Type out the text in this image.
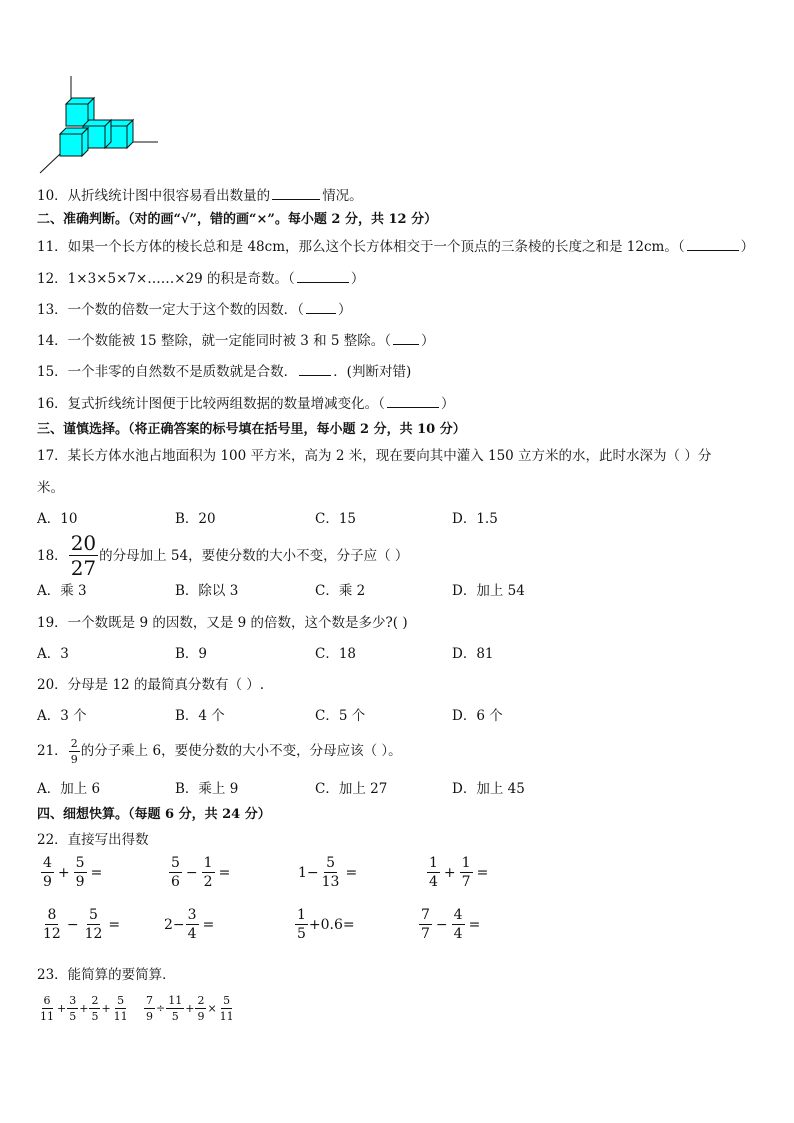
10．从折线统计图中很容易看出数量的	情况。
二、准确判断。（对的画“√”，错的画“×”。每小题 2 分，共 12 分）
11．如果一个长方体的棱长总和是 48cm，那么这个长方体相交于一个顶点的三条棱的长度之和是 12cm。（	）
12．1×3×5×7×……×29 的积是奇数。（	）
13．一个数的倍数一定大于这个数的因数．（	）
14．一个数能被 15 整除，就一定能同时被 3 和 5 整除。（ ）
15．一个非零的自然数不是质数就是合数．	．(判断对错)
16．复式折线统计图便于比较两组数据的数量增减变化。（	）
三、谨慎选择。（将正确答案的标号填在括号里，每小题 2 分，共 10 分）
17．某长方体水池占地面积为 100 平方米，高为 2 米，现在要向其中灌入 150 立方米的水，此时水深为（ ）分
米。
A．10	B．20	C．15	D．1.5
18． $\frac{20}{27}$ 的分母加上 54，要使分数的大小不变，分子应（ ）
A．乘 3	B．除以 3	C．乘 2	D．加上 54
19．一个数既是 9 的因数，又是 9 的倍数，这个数是多少?( )
A．3	B．9	C．18	D．81
20．分母是 12 的最简真分数有（ ）.
A．3 个	B．4 个	C．5 个	D．6 个
21． $\frac{2}{9}$ 的分子乘上 6，要使分数的大小不变，分母应该（ ）。
A．加上 6	B．乘上 9	C．加上 27	D．加上 45
四、细想快算。（每题 6 分，共 24 分）
22．直接写出得数
$\frac{4}{9} + \frac{5}{9}$ =	$\frac{5}{6} - \frac{1}{2}$ =	$1- \frac{5}{13}$ =	$\frac{1}{4} + \frac{1}{7}$ =
$\frac{8}{12} - \frac{5}{12}$ =	$2- \frac{3}{4}$ =	$\frac{1}{5} +0.6=$	$\frac{7}{7} - \frac{4}{4}$ =
23．能简算的要简算．
$\frac{6}{11} + \frac{3}{5} + \frac{2}{5} + \frac{5}{11} \frac{7}{9} \div \frac{11}{5} + \frac{2}{9} \times \frac{5}{11}$
